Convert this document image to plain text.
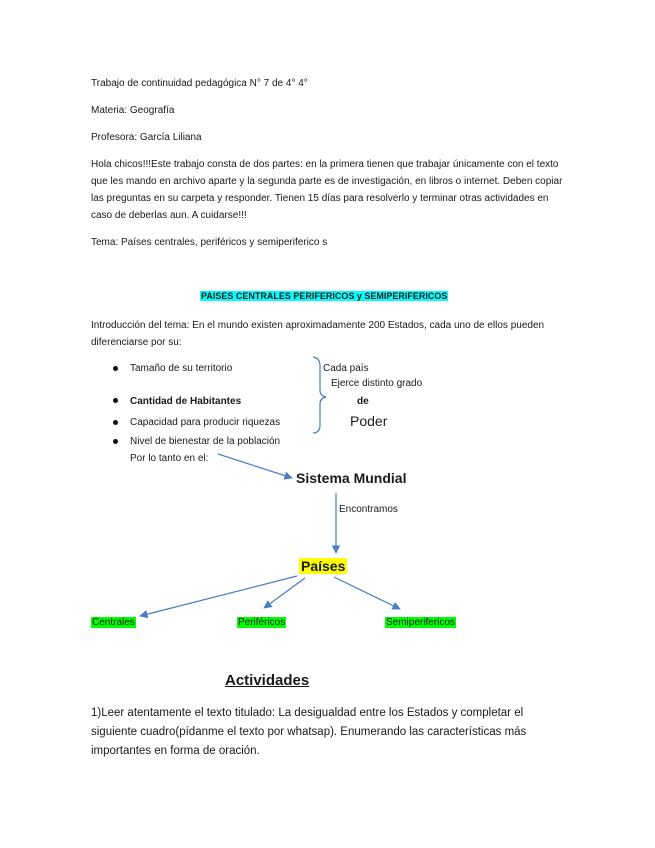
Trabajo de continuidad pedagógica N° 7 de 4° 4°
Materia: Geografía
Profesora: García Liliana
Hola chicos!!!Este trabajo consta de dos partes: en la primera tienen que trabajar únicamente con el texto que les mando en archivo aparte y la segunda parte es de investigación, en libros o internet. Deben copiar las preguntas en su carpeta y responder. Tienen 15 días para resolverlo y terminar otras actividades en caso de deberlas aun. A cuidarse!!!
Tema: Países centrales, periféricos y semiperiferico s
PAISES CENTRALES PERIFERICOS y SEMIPERIFERICOS
Introducción del tema: En el mundo existen aproximadamente 200 Estados, cada uno de ellos pueden diferenciarse por su:
Tamaño de su territorio
Cantidad de Habitantes
Capacidad para producir riquezas
Nivel de bienestar de la población
Por lo tanto en el:
Cada país
Ejerce distinto grado
de
Poder
Sistema Mundial
Encontramos
Países
Centrales	Periféricos	Semiperifericos
Actividades
1)Leer atentamente el texto titulado: La desigualdad entre los Estados y completar el siguiente cuadro(pídanme el texto por whatsap). Enumerando las características más importantes en forma de oración.
